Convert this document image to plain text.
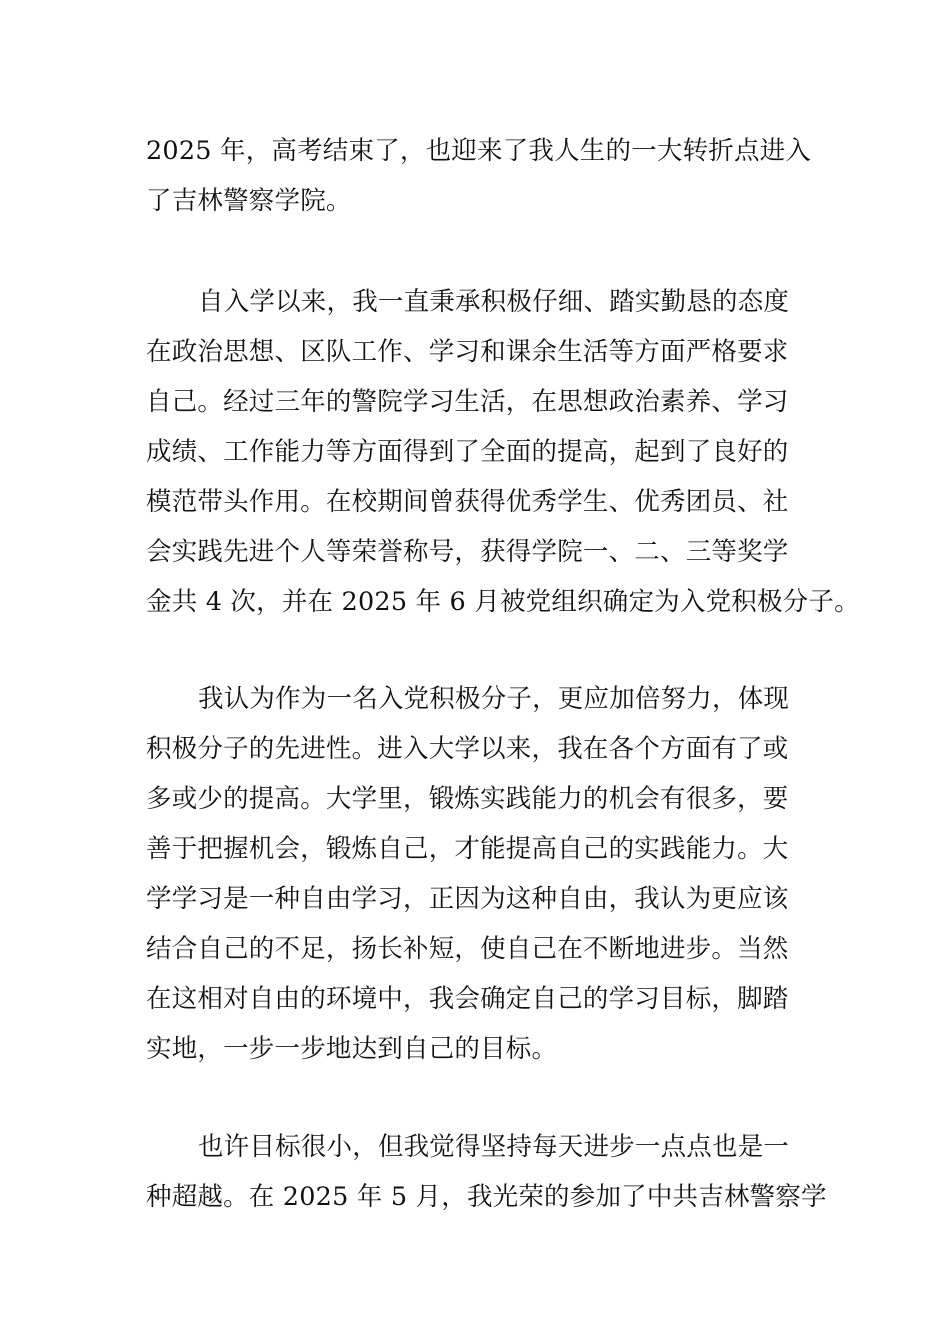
2025 年，高考结束了，也迎来了我人生的一大转折点进入
了吉林警察学院。
自入学以来，我一直秉承积极仔细、踏实勤恳的态度
在政治思想、区队工作、学习和课余生活等方面严格要求
自己。经过三年的警院学习生活，在思想政治素养、学习
成绩、工作能力等方面得到了全面的提高，起到了良好的
模范带头作用。在校期间曾获得优秀学生、优秀团员、社
会实践先进个人等荣誉称号，获得学院一、二、三等奖学
金共 4 次，并在 2025 年 6 月被党组织确定为入党积极分子。
我认为作为一名入党积极分子，更应加倍努力，体现
积极分子的先进性。进入大学以来，我在各个方面有了或
多或少的提高。大学里，锻炼实践能力的机会有很多，要
善于把握机会，锻炼自己，才能提高自己的实践能力。大
学学习是一种自由学习，正因为这种自由，我认为更应该
结合自己的不足，扬长补短，使自己在不断地进步。当然
在这相对自由的环境中，我会确定自己的学习目标，脚踏
实地，一步一步地达到自己的目标。
也许目标很小，但我觉得坚持每天进步一点点也是一
种超越。在 2025 年 5 月，我光荣的参加了中共吉林警察学
